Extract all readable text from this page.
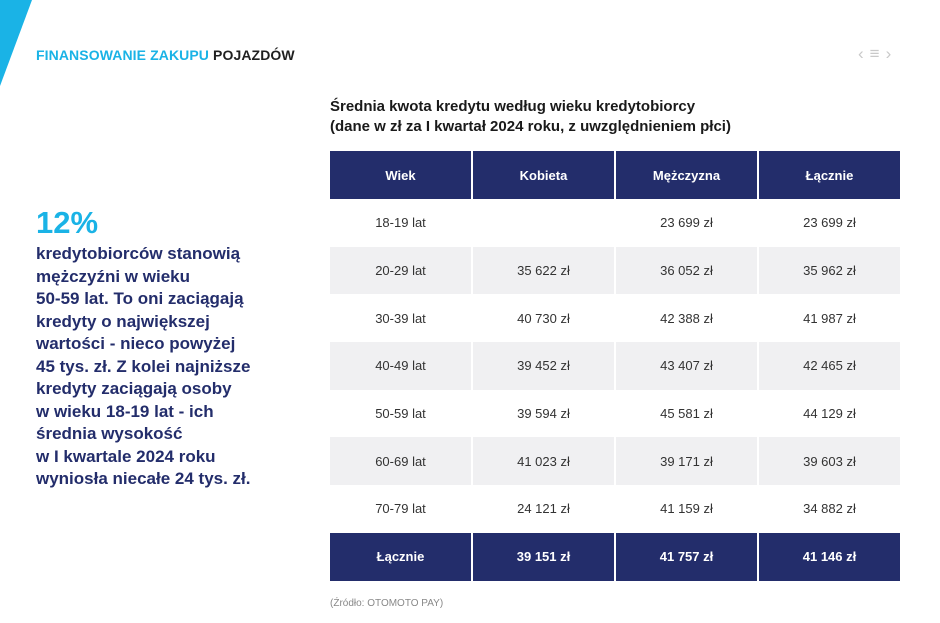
FINANSOWANIE ZAKUPU POJAZDÓW	‹ ≡ ›
12%
kredytobiorców stanowią
mężczyźni w wieku
50-59 lat. To oni zaciągają
kredyty o największej
wartości - nieco powyżej
45 tys. zł. Z kolei najniższe
kredyty zaciągają osoby
w wieku 18-19 lat - ich
średnia wysokość
w I kwartale 2024 roku
wyniosła niecałe 24 tys. zł.
Średnia kwota kredytu według wieku kredytobiorcy
(dane w zł za I kwartał 2024 roku, z uwzględnieniem płci)
Wiek	Kobieta	Mężczyzna	Łącznie
18-19 lat		23 699 zł	23 699 zł
20-29 lat	35 622 zł	36 052 zł	35 962 zł
30-39 lat	40 730 zł	42 388 zł	41 987 zł
40-49 lat	39 452 zł	43 407 zł	42 465 zł
50-59 lat	39 594 zł	45 581 zł	44 129 zł
60-69 lat	41 023 zł	39 171 zł	39 603 zł
70-79 lat	24 121 zł	41 159 zł	34 882 zł
Łącznie	39 151 zł	41 757 zł	41 146 zł
(Źródło: OTOMOTO PAY)
